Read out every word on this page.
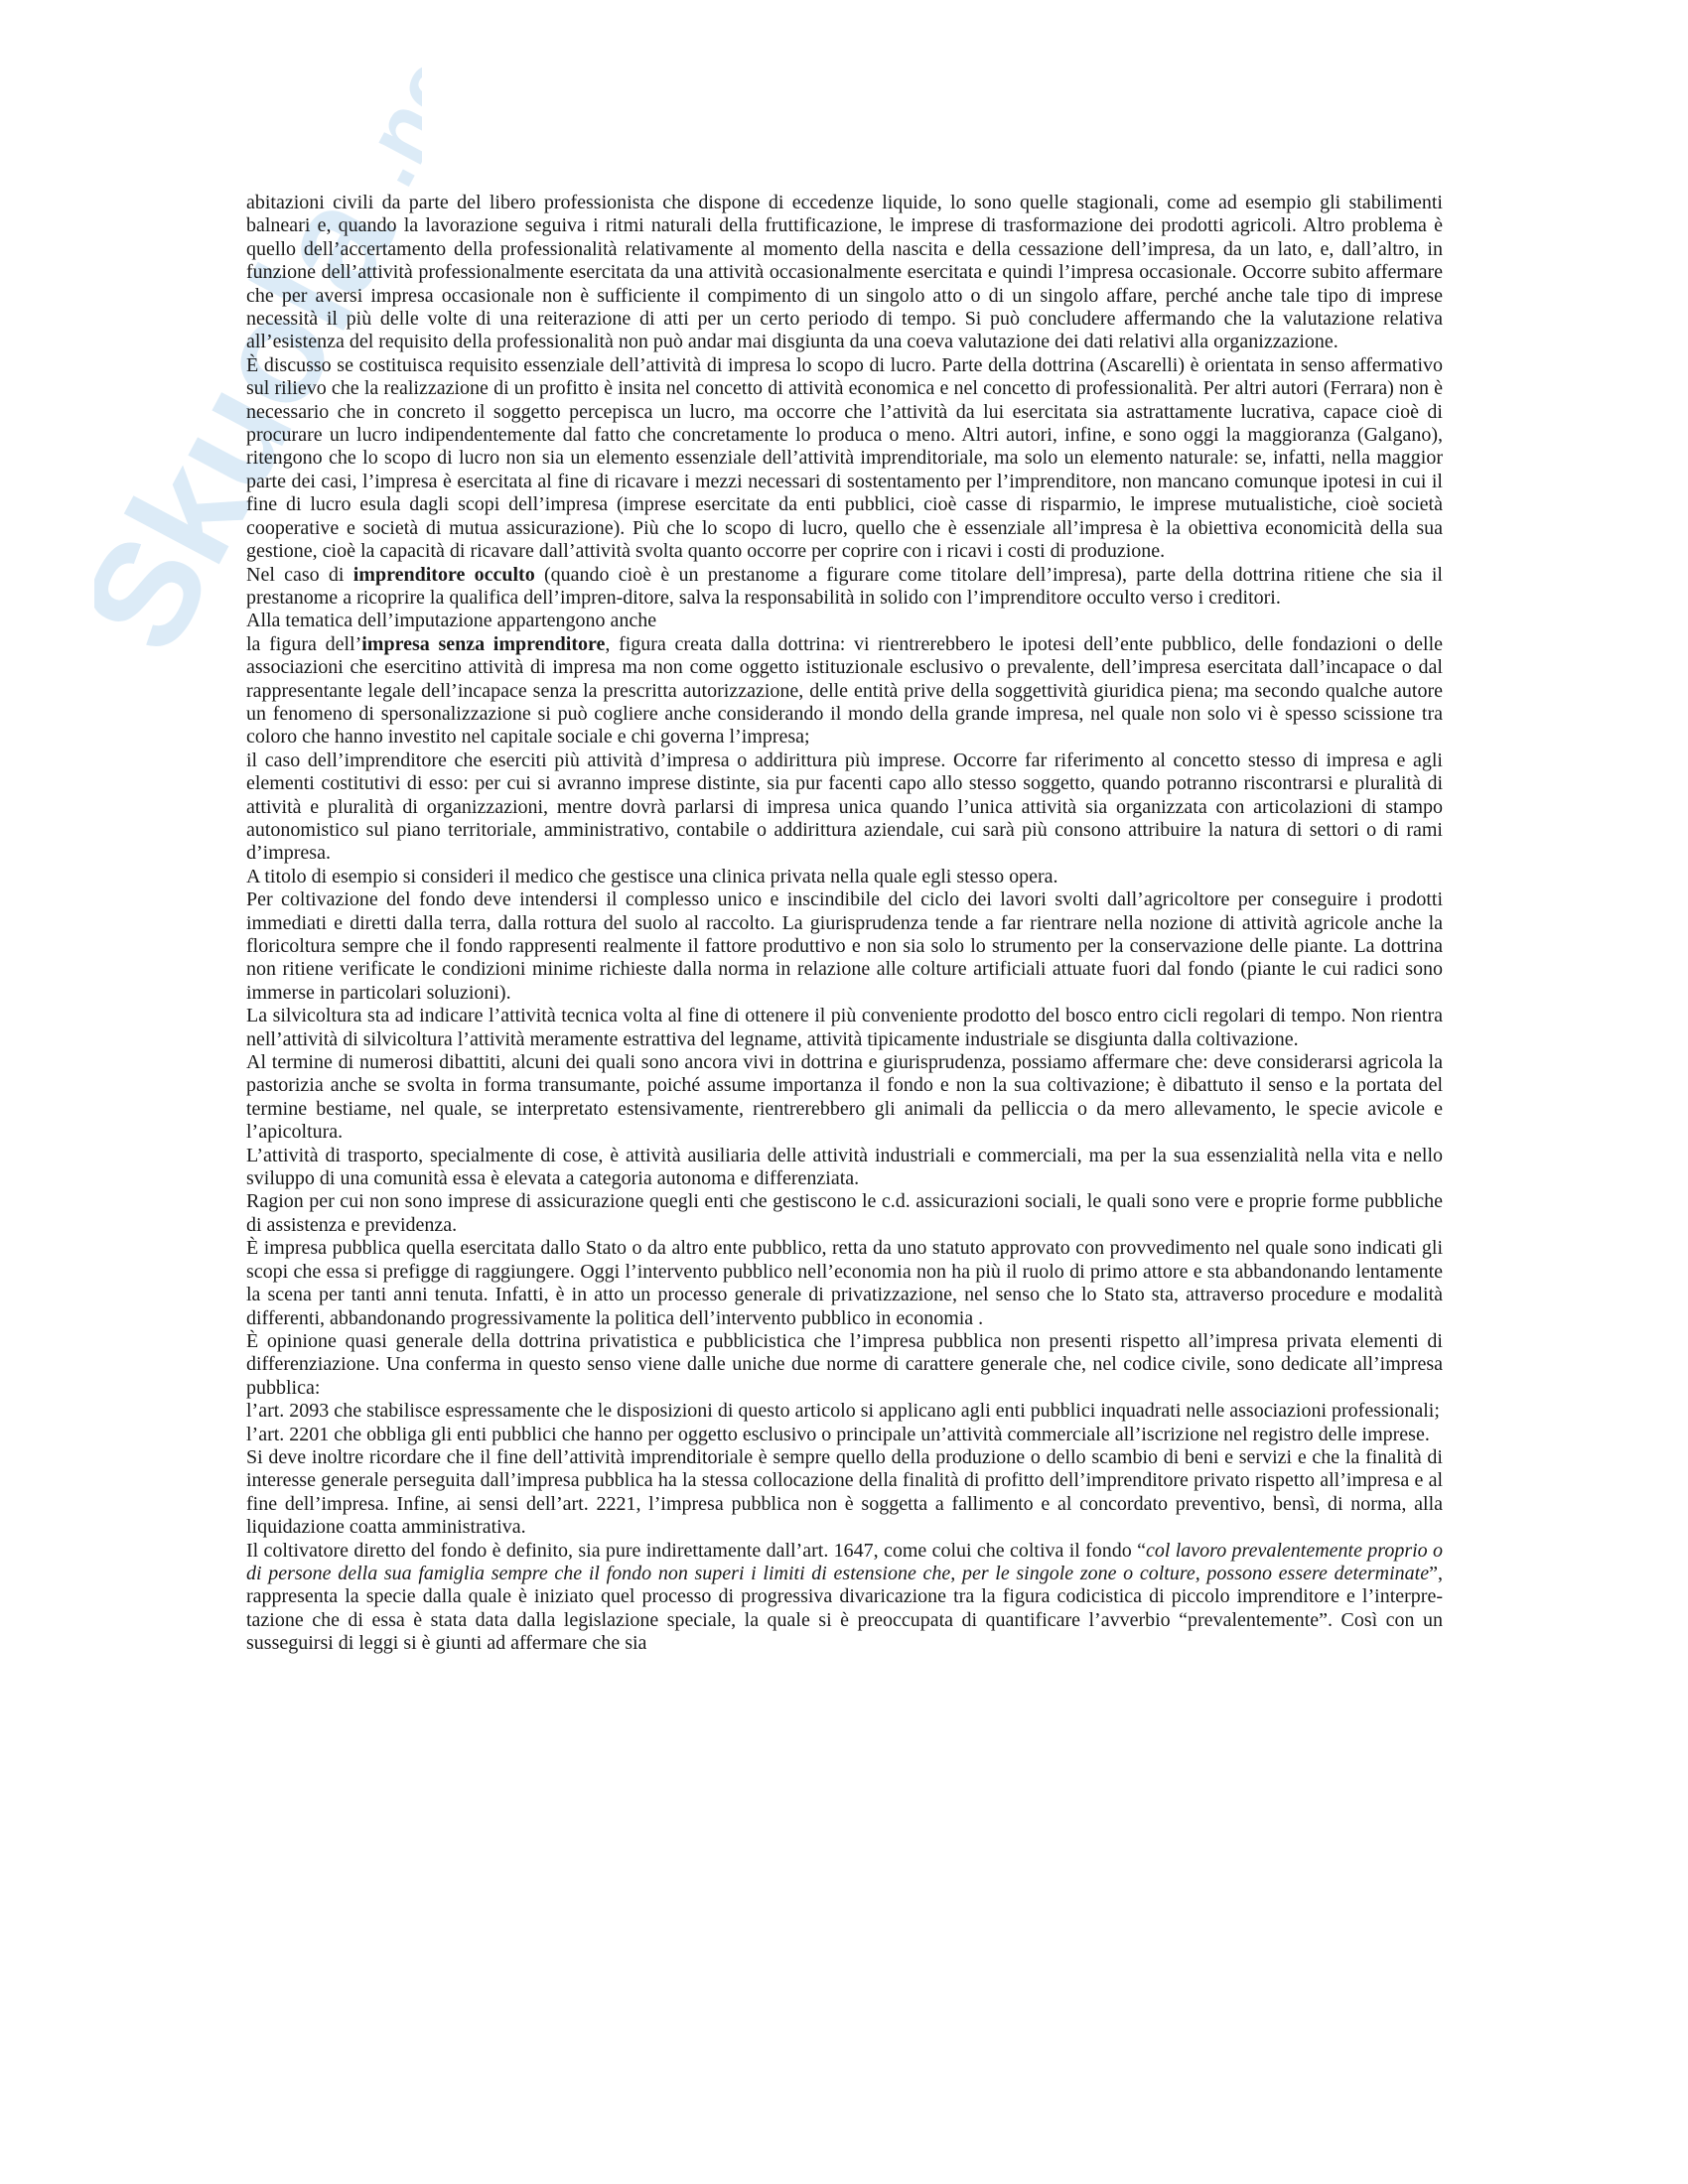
Skuola
.net

abitazioni civili da parte del libero professionista che dispone di eccedenze liquide, lo sono quelle stagionali, come ad esempio gli stabilimenti balneari e, quando la lavorazione seguiva i ritmi naturali della fruttificazione, le imprese di trasformazione dei prodotti agricoli. Altro problema è quello dell’accertamento della professionalità relativamente al momento della nascita e della cessazione dell’impresa, da un lato, e, dall’altro, in funzione dell’attività professionalmente esercitata da una attività occasionalmente esercitata e quindi l’impresa occasionale. Occorre subito affermare che per aversi impresa occasionale non è sufficiente il compimento di un singolo atto o di un singolo affare, perché anche tale tipo di imprese necessità il più delle volte di una reiterazione di atti per un certo periodo di tempo. Si può concludere affermando che la valutazione relativa all’esistenza del requisito della professionalità non può andar mai disgiunta da una coeva valutazione dei dati relativi alla organizzazione.

È discusso se costituisca requisito essenziale dell’attività di impresa lo scopo di lucro. Parte della dottrina (Ascarelli) è orientata in senso affermativo sul rilievo che la realizzazione di un profitto è insita nel concetto di attività economica e nel concetto di professionalità. Per altri autori (Ferrara) non è necessario che in concreto il soggetto percepisca un lucro, ma occorre che l’attività da lui esercitata sia astrattamente lucrativa, capace cioè di procurare un lucro indipendentemente dal fatto che concretamente lo produca o meno. Altri autori, infine, e sono oggi la maggioranza (Galgano), ritengono che lo scopo di lucro non sia un elemento essenziale dell’attività imprenditoriale, ma solo un elemento naturale: se, infatti, nella maggior parte dei casi, l’impresa è esercitata al fine di ricavare i mezzi necessari di sostentamento per l’imprenditore, non mancano comunque ipotesi in cui il fine di lucro esula dagli scopi dell’impresa (imprese esercitate da enti pubblici, cioè casse di risparmio, le imprese mutualistiche, cioè società cooperative e società di mutua assicurazione). Più che lo scopo di lucro, quello che è essenziale all’impresa è la obiettiva economicità della sua gestione, cioè la capacità di ricavare dall’attività svolta quanto occorre per coprire con i ricavi i costi di produzione.

Nel caso di imprenditore occulto (quando cioè è un prestanome a figurare come titolare dell’impresa), parte della dottrina ritiene che sia il prestanome a ricoprire la qualifica dell’impren-ditore, salva la responsabilità in solido con l’imprenditore occulto verso i creditori.

Alla tematica dell’imputazione appartengono anche

la figura dell’impresa senza imprenditore, figura creata dalla dottrina: vi rientrerebbero le ipotesi dell’ente pubblico, delle fondazioni o delle associazioni che esercitino attività di impresa ma non come oggetto istituzionale esclusivo o prevalente, dell’impresa esercitata dall’incapace o dal rappresentante legale dell’incapace senza la prescritta autorizzazione, delle entità prive della soggettività giuridica piena; ma secondo qualche autore un fenomeno di spersonalizzazione si può cogliere anche considerando il mondo della grande impresa, nel quale non solo vi è spesso scissione tra coloro che hanno investito nel capitale sociale e chi governa l’impresa;

il caso dell’imprenditore che eserciti più attività d’impresa o addirittura più imprese. Occorre far riferimento al concetto stesso di impresa e agli elementi costitutivi di esso: per cui si avranno imprese distinte, sia pur facenti capo allo stesso soggetto, quando potranno riscontrarsi e pluralità di attività e pluralità di organizzazioni, mentre dovrà parlarsi di impresa unica quando l’unica attività sia organizzata con articolazioni di stampo autonomistico sul piano territoriale, amministrativo, contabile o addirittura aziendale, cui sarà più consono attribuire la natura di settori o di rami d’impresa.

A titolo di esempio si consideri il medico che gestisce una clinica privata nella quale egli stesso opera.

Per coltivazione del fondo deve intendersi il complesso unico e inscindibile del ciclo dei lavori svolti dall’agricoltore per conseguire i prodotti immediati e diretti dalla terra, dalla rottura del suolo al raccolto. La giurisprudenza tende a far rientrare nella nozione di attività agricole anche la floricoltura sempre che il fondo rappresenti realmente il fattore produttivo e non sia solo lo strumento per la conservazione delle piante. La dottrina non ritiene verificate le condizioni minime richieste dalla norma in relazione alle colture artificiali attuate fuori dal fondo (piante le cui radici sono immerse in particolari soluzioni).

La silvicoltura sta ad indicare l’attività tecnica volta al fine di ottenere il più conveniente prodotto del bosco entro cicli regolari di tempo. Non rientra nell’attività di silvicoltura l’attività meramente estrattiva del legname, attività tipicamente industriale se disgiunta dalla coltivazione.

Al termine di numerosi dibattiti, alcuni dei quali sono ancora vivi in dottrina e giurisprudenza, possiamo affermare che: deve considerarsi agricola la pastorizia anche se svolta in forma transumante, poiché assume importanza il fondo e non la sua coltivazione; è dibattuto il senso e la portata del termine bestiame, nel quale, se interpretato estensivamente, rientrerebbero gli animali da pelliccia o da mero allevamento, le specie avicole e l’apicoltura.

L’attività di trasporto, specialmente di cose, è attività ausiliaria delle attività industriali e commerciali, ma per la sua essenzialità nella vita e nello sviluppo di una comunità essa è elevata a categoria autonoma e differenziata.

Ragion per cui non sono imprese di assicurazione quegli enti che gestiscono le c.d. assicurazioni sociali, le quali sono vere e proprie forme pubbliche di assistenza e previdenza.

È impresa pubblica quella esercitata dallo Stato o da altro ente pubblico, retta da uno statuto approvato con provvedimento nel quale sono indicati gli scopi che essa si prefigge di raggiungere. Oggi l’intervento pubblico nell’economia non ha più il ruolo di primo attore e sta abbandonando lentamente la scena per tanti anni tenuta. Infatti, è in atto un processo generale di privatizzazione, nel senso che lo Stato sta, attraverso procedure e modalità differenti, abbandonando progressivamente la politica dell’intervento pubblico in economia .

È opinione quasi generale della dottrina privatistica e pubblicistica che l’impresa pubblica non presenti rispetto all’impresa privata elementi di differenziazione. Una conferma in questo senso viene dalle uniche due norme di carattere generale che, nel codice civile, sono dedicate all’impresa pubblica:

l’art. 2093 che stabilisce espressamente che le disposizioni di questo articolo si applicano agli enti pubblici inquadrati nelle associazioni professionali;

l’art. 2201 che obbliga gli enti pubblici che hanno per oggetto esclusivo o principale un’attività commerciale all’iscrizione nel registro delle imprese.

Si deve inoltre ricordare che il fine dell’attività imprenditoriale è sempre quello della produzione o dello scambio di beni e servizi e che la finalità di interesse generale perseguita dall’impresa pubblica ha la stessa collocazione della finalità di profitto dell’imprenditore privato rispetto all’impresa e al fine dell’impresa. Infine, ai sensi dell’art. 2221, l’impresa pubblica non è soggetta a fallimento e al concordato preventivo, bensì, di norma, alla liquidazione coatta amministrativa.

Il coltivatore diretto del fondo è definito, sia pure indirettamente dall’art. 1647, come colui che coltiva il fondo “col lavoro prevalentemente proprio o di persone della sua famiglia sempre che il fondo non superi i limiti di estensione che, per le singole zone o colture, possono essere determinate”, rappresenta la specie dalla quale è iniziato quel processo di progressiva divaricazione tra la figura codicistica di piccolo imprenditore e l’interpre-tazione che di essa è stata data dalla legislazione speciale, la quale si è preoccupata di quantificare l’avverbio “prevalentemente”. Così con un susseguirsi di leggi si è giunti ad affermare che sia
